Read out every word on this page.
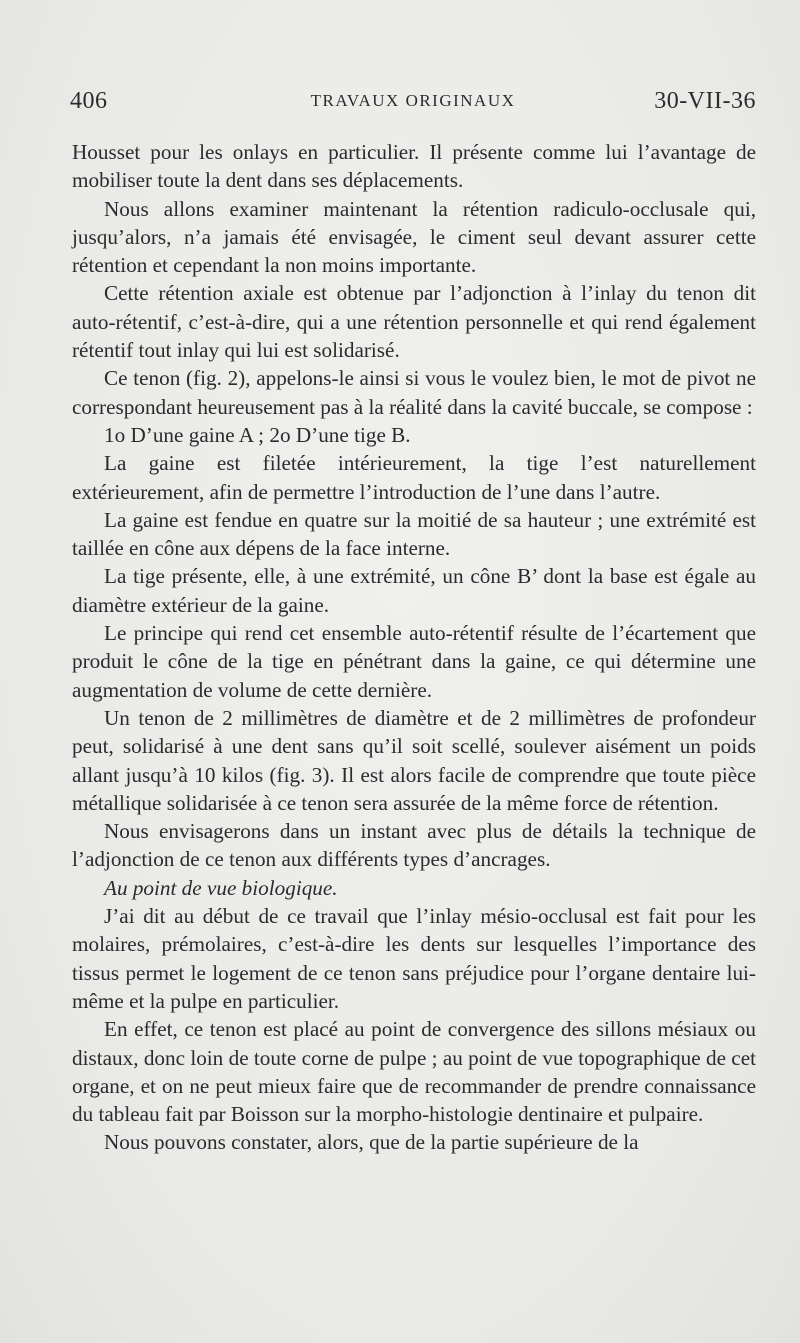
406	TRAVAUX ORIGINAUX	30-VII-36

Housset pour les onlays en particulier. Il présente comme lui l’avantage de mobiliser toute la dent dans ses déplacements.

Nous allons examiner maintenant la rétention radiculo-occlusale qui, jusqu’alors, n’a jamais été envisagée, le ciment seul devant assurer cette rétention et cependant la non moins importante.

Cette rétention axiale est obtenue par l’adjonction à l’inlay du tenon dit auto-rétentif, c’est-à-dire, qui a une rétention personnelle et qui rend également rétentif tout inlay qui lui est solidarisé.

Ce tenon (fig. 2), appelons-le ainsi si vous le voulez bien, le mot de pivot ne correspondant heureusement pas à la réalité dans la cavité buccale, se compose :

1o D’une gaine A ; 2o D’une tige B.

La gaine est filetée intérieurement, la tige l’est naturellement extérieurement, afin de permettre l’introduction de l’une dans l’autre.

La gaine est fendue en quatre sur la moitié de sa hauteur ; une extrémité est taillée en cône aux dépens de la face interne.

La tige présente, elle, à une extrémité, un cône B’ dont la base est égale au diamètre extérieur de la gaine.

Le principe qui rend cet ensemble auto-rétentif résulte de l’écartement que produit le cône de la tige en pénétrant dans la gaine, ce qui détermine une augmentation de volume de cette dernière.

Un tenon de 2 millimètres de diamètre et de 2 millimètres de profondeur peut, solidarisé à une dent sans qu’il soit scellé, soulever aisément un poids allant jusqu’à 10 kilos (fig. 3). Il est alors facile de comprendre que toute pièce métallique solidarisée à ce tenon sera assurée de la même force de rétention.

Nous envisagerons dans un instant avec plus de détails la technique de l’adjonction de ce tenon aux différents types d’ancrages.

Au point de vue biologique.

J’ai dit au début de ce travail que l’inlay mésio-occlusal est fait pour les molaires, prémolaires, c’est-à-dire les dents sur lesquelles l’importance des tissus permet le logement de ce tenon sans préjudice pour l’organe dentaire lui-même et la pulpe en particulier.

En effet, ce tenon est placé au point de convergence des sillons mésiaux ou distaux, donc loin de toute corne de pulpe ; au point de vue topographique de cet organe, et on ne peut mieux faire que de recommander de prendre connaissance du tableau fait par Boisson sur la morpho-histologie dentinaire et pulpaire.

Nous pouvons constater, alors, que de la partie supérieure de la
